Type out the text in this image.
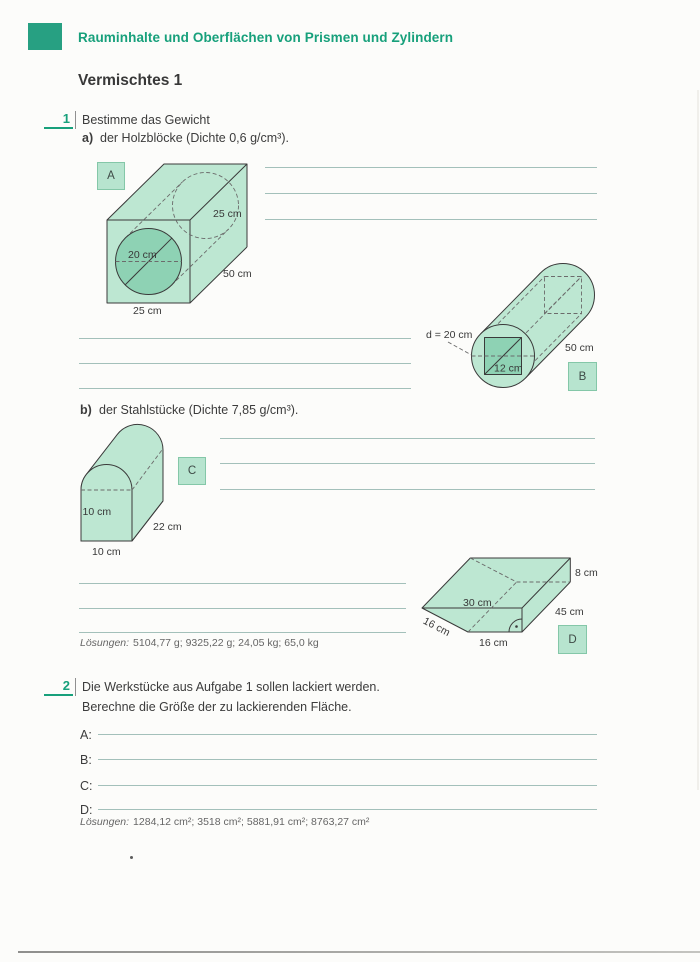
Rauminhalte und Oberflächen von Prismen und Zylindern
Vermischtes 1
1 Bestimme das Gewicht
a) der Holzblöcke (Dichte 0,6 g/cm³).
20 cm
25 cm
50 cm
25 cm
A
d = 20 cm
50 cm
12 cm
B
b) der Stahlstücke (Dichte 7,85 g/cm³).
10 cm
22 cm
10 cm
C
Lösungen: 5104,77 g; 9325,22 g; 24,05 kg; 65,0 kg
8 cm
30 cm
45 cm
16 cm
16 cm	D
2 Die Werkstücke aus Aufgabe 1 sollen lackiert werden.
Berechne die Größe der zu lackierenden Fläche.
A:
B:
C:
D:
Lösungen: 1284,12 cm²; 3518 cm²; 5881,91 cm²; 8763,27 cm²
